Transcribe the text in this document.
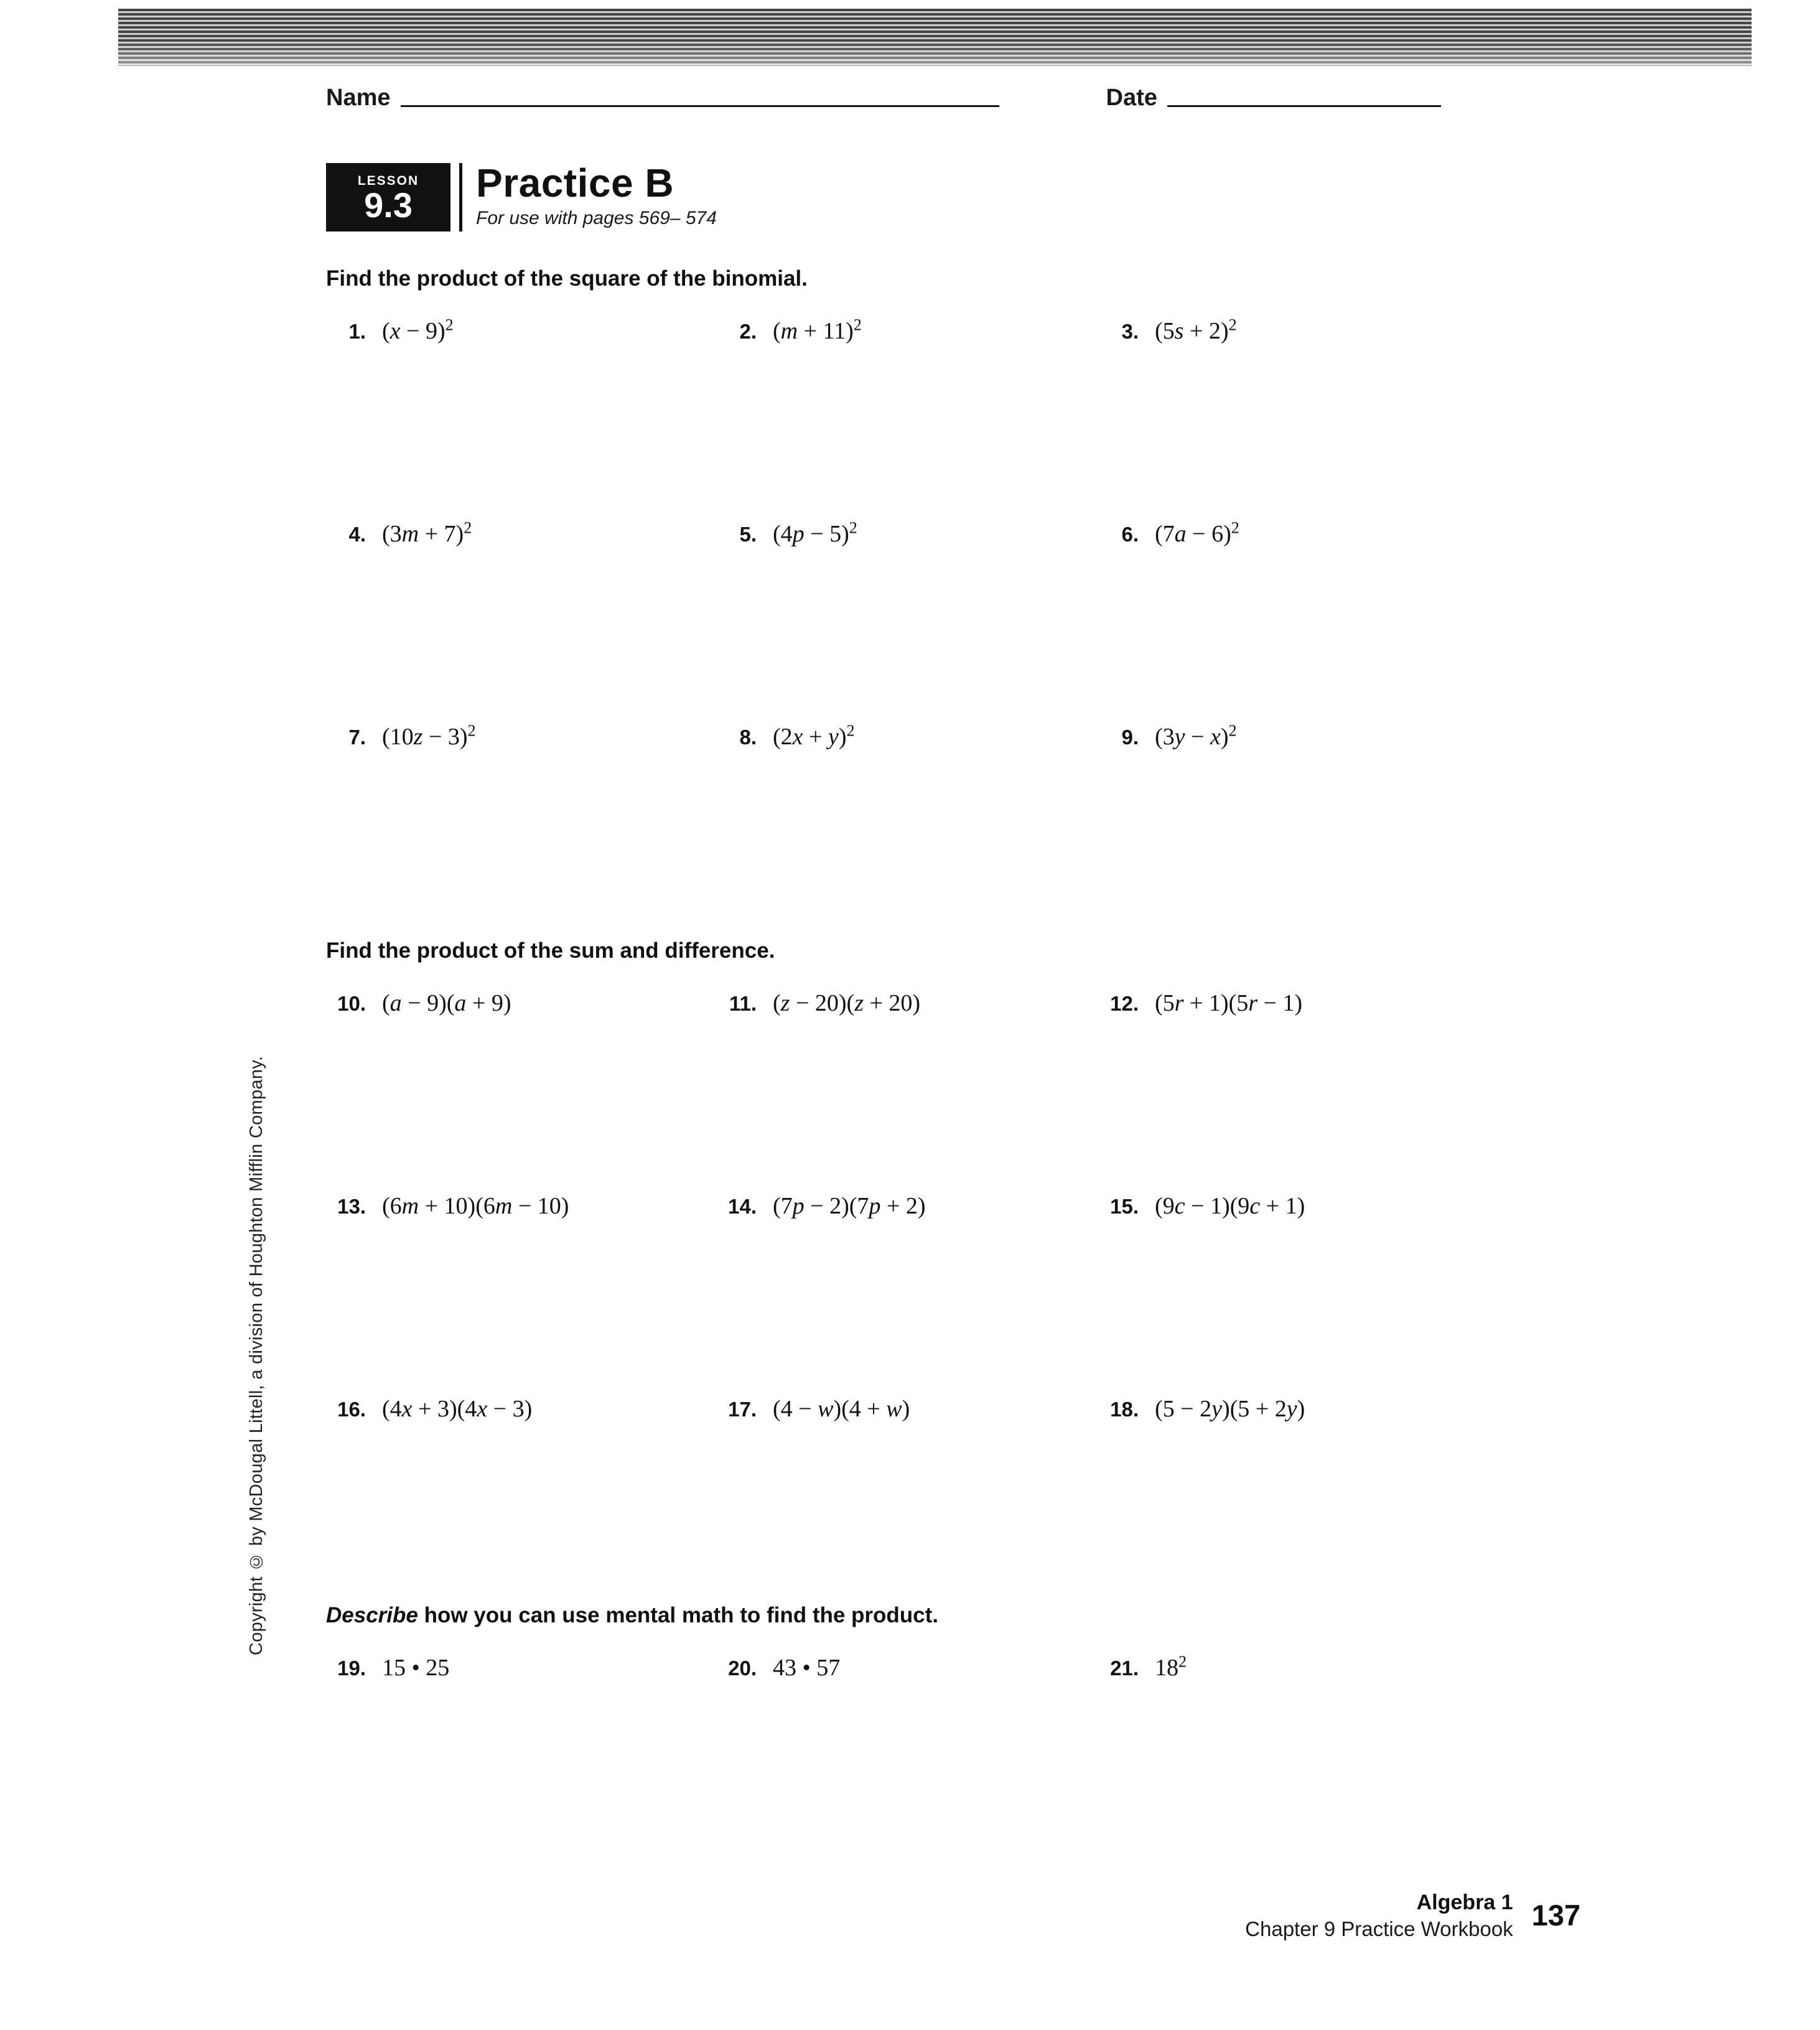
Name	Date
LESSON
9.3 Practice B

For use with pages 569– 574

Find the product of the square of the binomial.
1. $(x - 9)^2$	2. $(m + 11)^2$	3. $(5s + 2)^2$
4. $(3m + 7)^2$	5. $(4p - 5)^2$	6. $(7a - 6)^2$
7. $(10z - 3)^2$	8. $(2x + y)^2$	9. $(3y - x)^2$
Find the product of the sum and difference.
10. (a − 9)(a + 9)	11. (z − 20)(z + 20)	12. (5r + 1)(5r − 1)
13. (6m + 10)(6m − 10)	14. (7p − 2)(7p + 2)	15. (9c − 1)(9c + 1)
16. (4x + 3)(4x − 3)	17. (4 − w)(4 + w)	18. (5 − 2y)(5 + 2y)
Describe how you can use mental math to find the product.
19. 15 • 25	20. 43 • 57	21. $18^2$
Copyright © by McDougal Littell, a division of Houghton Mifflin Company.
Algebra 1
Chapter 9 Practice Workbook 137
